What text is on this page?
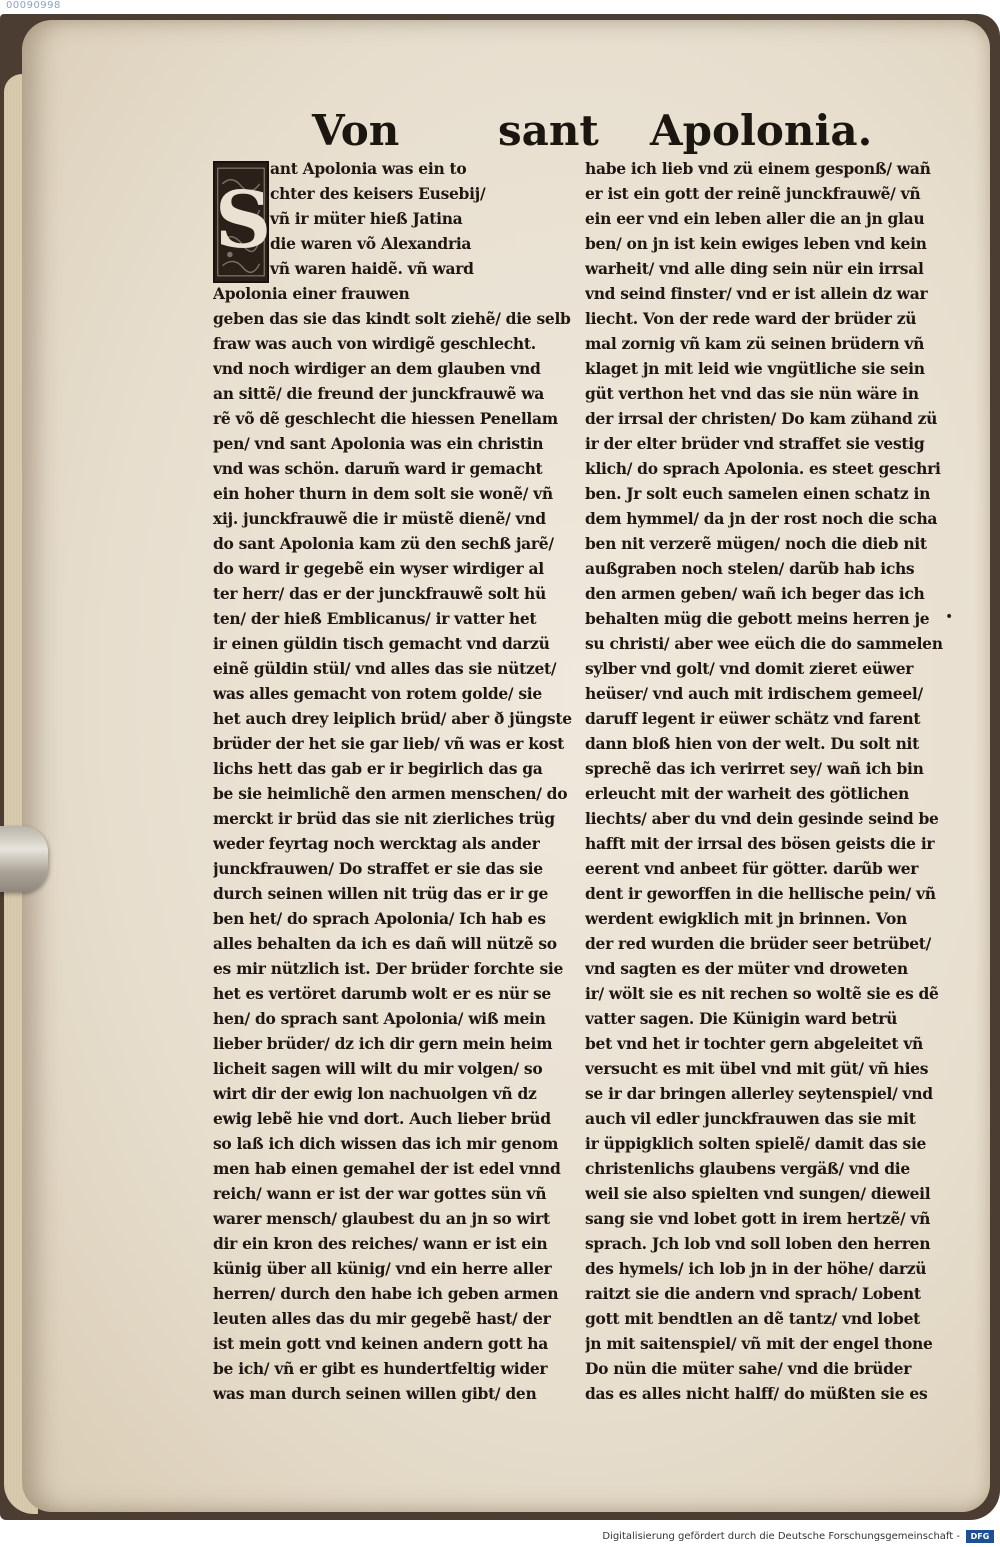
00090998
Von sant Apolonia.
S
ant Apolonia was ein to
chter des keisers Eusebij/
vñ ir müter hieß Jatina
die waren võ Alexandria
vñ waren haidẽ. vñ ward
Apolonia einer frauwen
geben das sie das kindt solt ziehẽ/ die selb
fraw was auch von wirdigẽ geschlecht.
vnd noch wirdiger an dem glauben vnd
an sittẽ/ die freund der junckfrauwẽ wa
rẽ võ dẽ geschlecht die hiessen Penellam
pen/ vnd sant Apolonia was ein christin
vnd was schön. darum̃ ward ir gemacht
ein hoher thurn in dem solt sie wonẽ/ vñ
xij. junckfrauwẽ die ir müstẽ dienẽ/ vnd
do sant Apolonia kam zü den sechß jarẽ/
do ward ir gegebẽ ein wyser wirdiger al
ter herr/ das er der junckfrauwẽ solt hü
ten/ der hieß Emblicanus/ ir vatter het
ir einen güldin tisch gemacht vnd darzü
einẽ güldin stül/ vnd alles das sie nützet/
was alles gemacht von rotem golde/ sie
het auch drey leiplich brüd/ aber ð jüngste
brüder der het sie gar lieb/ vñ was er kost
lichs hett das gab er ir begirlich das ga
be sie heimlichẽ den armen menschen/ do
merckt ir brüd das sie nit zierliches trüg
weder feyrtag noch wercktag als ander
junckfrauwen/ Do straffet er sie das sie
durch seinen willen nit trüg das er ir ge
ben het/ do sprach Apolonia/ Ich hab es
alles behalten da ich es dañ will nützẽ so
es mir nützlich ist. Der brüder forchte sie
het es vertöret darumb wolt er es nür se
hen/ do sprach sant Apolonia/ wiß mein
lieber brüder/ dz ich dir gern mein heim
licheit sagen will wilt du mir volgen/ so
wirt dir der ewig lon nachuolgen vñ dz
ewig lebẽ hie vnd dort. Auch lieber brüd
so laß ich dich wissen das ich mir genom
men hab einen gemahel der ist edel vnnd
reich/ wann er ist der war gottes sün vñ
warer mensch/ glaubest du an jn so wirt
dir ein kron des reiches/ wann er ist ein
künig über all künig/ vnd ein herre aller
herren/ durch den habe ich geben armen
leuten alles das du mir gegebẽ hast/ der
ist mein gott vnd keinen andern gott ha
be ich/ vñ er gibt es hundertfeltig wider
was man durch seinen willen gibt/ den
habe ich lieb vnd zü einem gesponß/ wañ
er ist ein gott der reinẽ junckfrauwẽ/ vñ
ein eer vnd ein leben aller die an jn glau
ben/ on jn ist kein ewiges leben vnd kein
warheit/ vnd alle ding sein nür ein irrsal
vnd seind finster/ vnd er ist allein dz war
liecht. Von der rede ward der brüder zü
mal zornig vñ kam zü seinen brüdern vñ
klaget jn mit leid wie vngütliche sie sein
güt verthon het vnd das sie nün wäre in
der irrsal der christen/ Do kam zühand zü
ir der elter brüder vnd straffet sie vestig
klich/ do sprach Apolonia. es steet geschri
ben. Jr solt euch samelen einen schatz in
dem hymmel/ da jn der rost noch die scha
ben nit verzerẽ mügen/ noch die dieb nit
außgraben noch stelen/ darũb hab ichs
den armen geben/ wañ ich beger das ich
behalten müg die gebott meins herren je
su christi/ aber wee eüch die do sammelen
sylber vnd golt/ vnd domit zieret eüwer
heüser/ vnd auch mit irdischem gemeel/
daruff legent ir eüwer schätz vnd farent
dann bloß hien von der welt. Du solt nit
sprechẽ das ich verirret sey/ wañ ich bin
erleucht mit der warheit des götlichen
liechts/ aber du vnd dein gesinde seind be
hafft mit der irrsal des bösen geists die ir
eerent vnd anbeet für götter. darũb wer
dent ir geworffen in die hellische pein/ vñ
werdent ewigklich mit jn brinnen. Von
der red wurden die brüder seer betrübet/
vnd sagten es der müter vnd droweten
ir/ wölt sie es nit rechen so woltẽ sie es dẽ
vatter sagen. Die Künigin ward betrü
bet vnd het ir tochter gern abgeleitet vñ
versucht es mit übel vnd mit güt/ vñ hies
se ir dar bringen allerley seytenspiel/ vnd
auch vil edler junckfrauwen das sie mit
ir üppigklich solten spielẽ/ damit das sie
christenlichs glaubens vergäß/ vnd die
weil sie also spielten vnd sungen/ dieweil
sang sie vnd lobet gott in irem hertzẽ/ vñ
sprach. Jch lob vnd soll loben den herren
des hymels/ ich lob jn in der höhe/ darzü
raitzt sie die andern vnd sprach/ Lobent
gott mit bendtlen an dẽ tantz/ vnd lobet
jn mit saitenspiel/ vñ mit der engel thone
Do nün die müter sahe/ vnd die brüder
das es alles nicht halff/ do müßten sie es
•
Digitalisierung gefördert durch die Deutsche Forschungsgemeinschaft -	DFG
